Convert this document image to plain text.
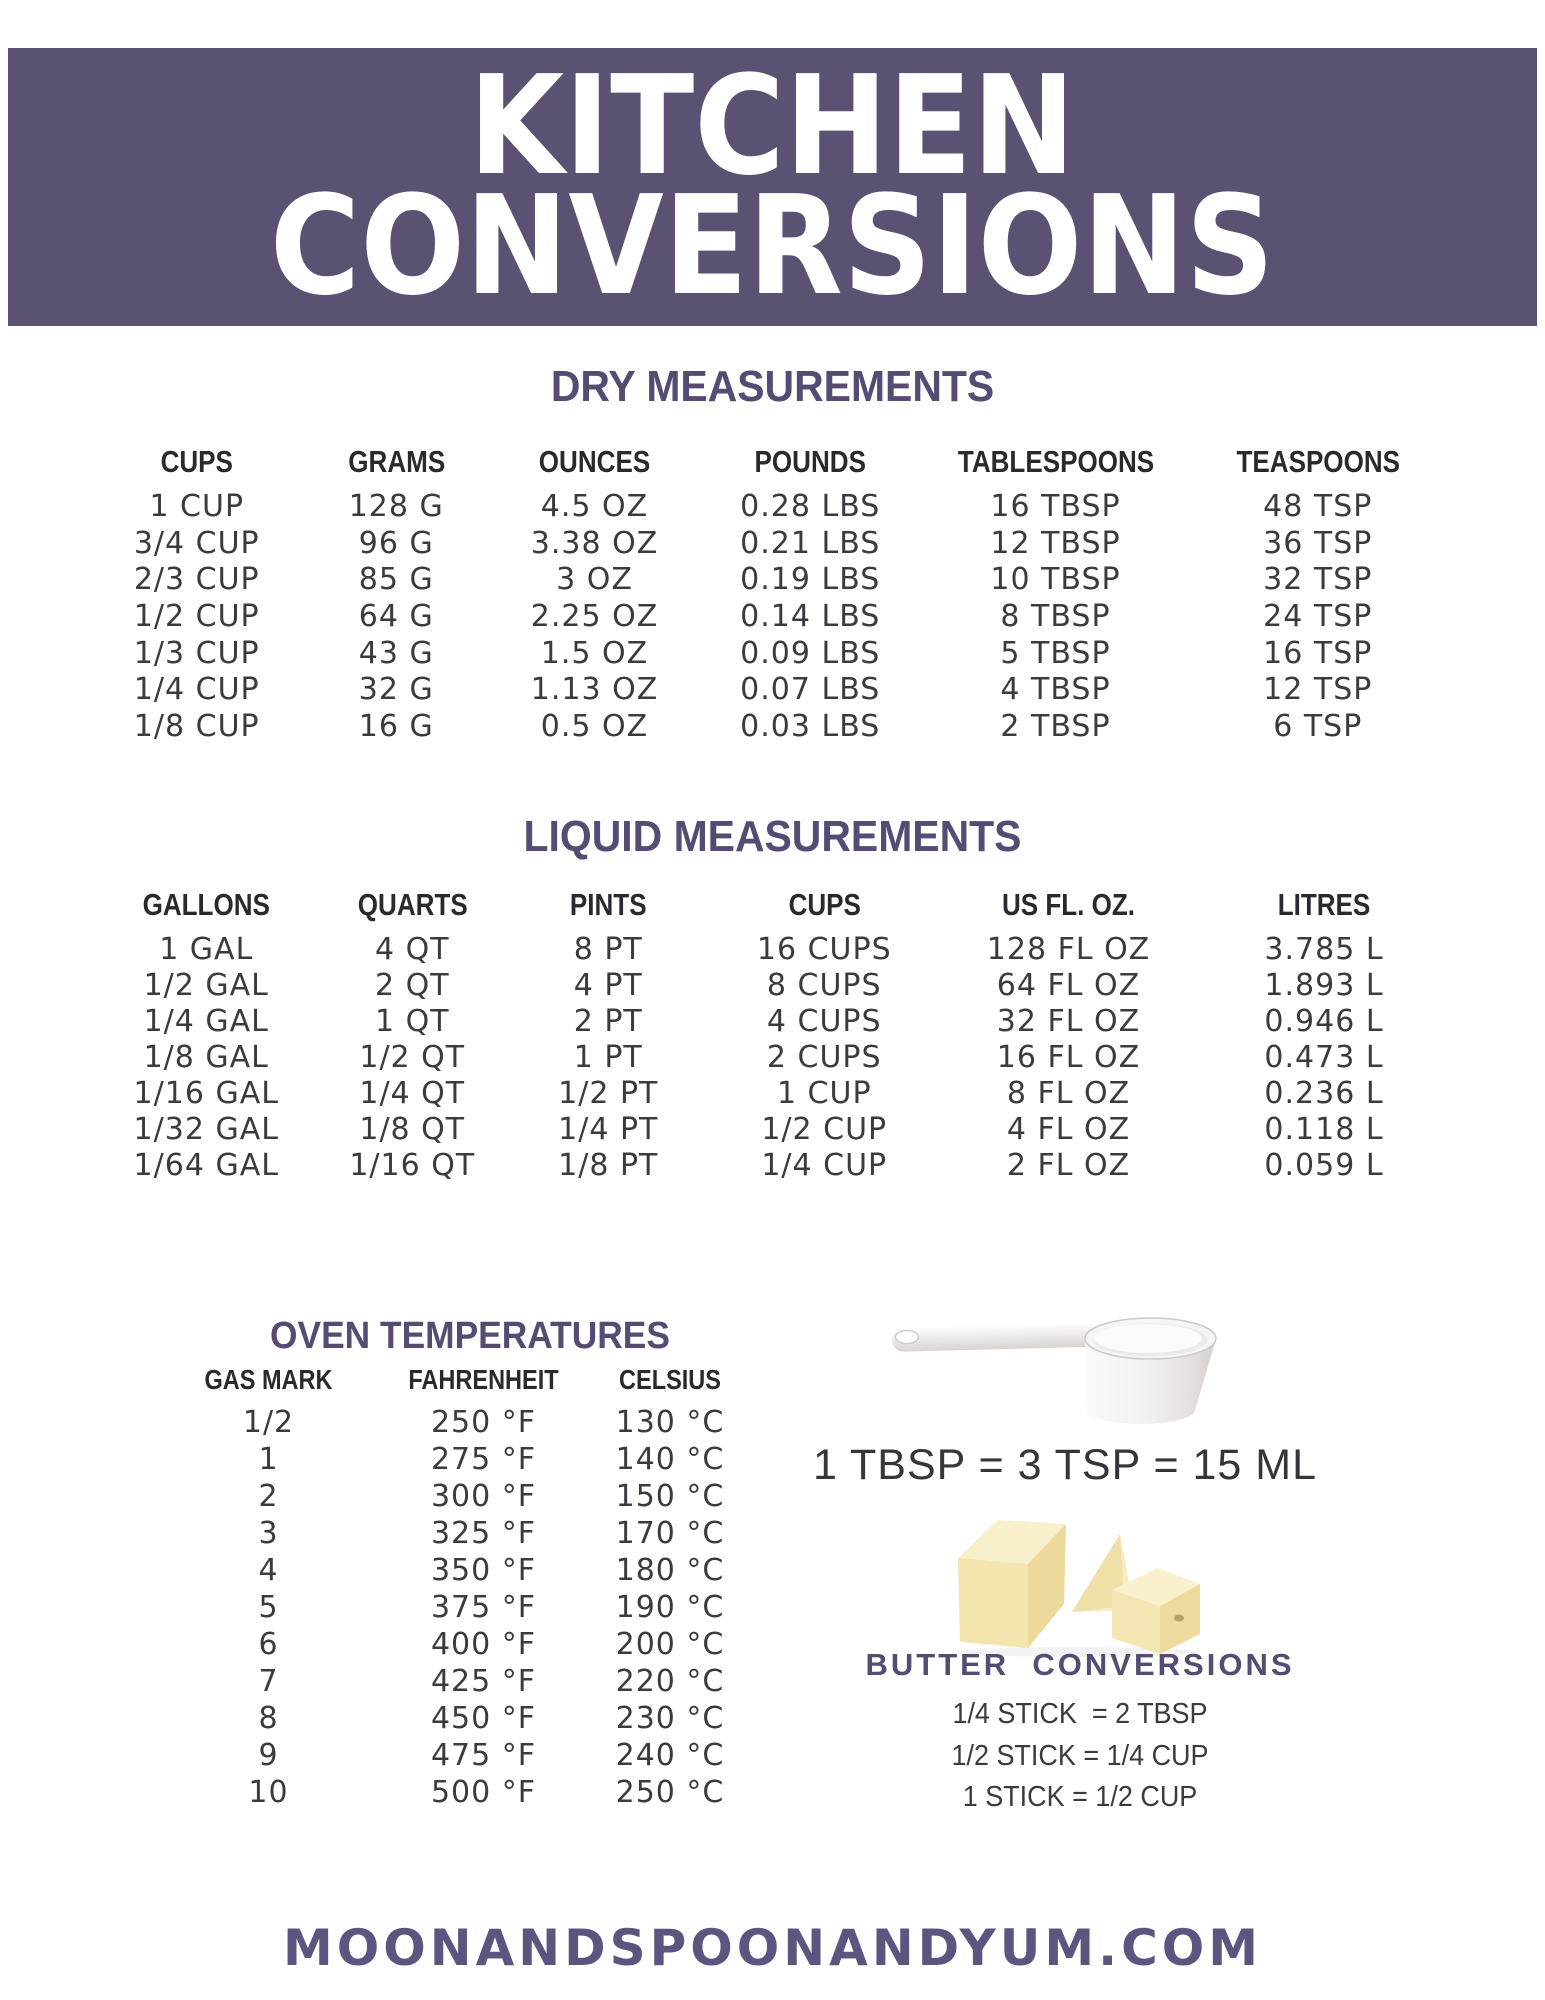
KITCHEN
CONVERSIONS
DRY MEASUREMENTS
CUPS	GRAMS	OUNCES	POUNDS	TABLESPOONS	TEASPOONS
1 CUP	128 G	4.5 OZ	0.28 LBS	16 TBSP	48 TSP
3/4 CUP	96 G	3.38 OZ	0.21 LBS	12 TBSP	36 TSP
2/3 CUP	85 G	3 OZ	0.19 LBS	10 TBSP	32 TSP
1/2 CUP	64 G	2.25 OZ	0.14 LBS	8 TBSP	24 TSP
1/3 CUP	43 G	1.5 OZ	0.09 LBS	5 TBSP	16 TSP
1/4 CUP	32 G	1.13 OZ	0.07 LBS	4 TBSP	12 TSP
1/8 CUP	16 G	0.5 OZ	0.03 LBS	2 TBSP	6 TSP
LIQUID MEASUREMENTS
GALLONS	QUARTS	PINTS	CUPS	US FL. OZ.	LITRES
1 GAL	4 QT	8 PT	16 CUPS	128 FL OZ	3.785 L
1/2 GAL	2 QT	4 PT	8 CUPS	64 FL OZ	1.893 L
1/4 GAL	1 QT	2 PT	4 CUPS	32 FL OZ	0.946 L
1/8 GAL	1/2 QT	1 PT	2 CUPS	16 FL OZ	0.473 L
1/16 GAL	1/4 QT	1/2 PT	1 CUP	8 FL OZ	0.236 L
1/32 GAL	1/8 QT	1/4 PT	1/2 CUP	4 FL OZ	0.118 L
1/64 GAL	1/16 QT	1/8 PT	1/4 CUP	2 FL OZ	0.059 L
OVEN TEMPERATURES
GAS MARK	FAHRENHEIT	CELSIUS
1/2	250 °F	130 °C
1	275 °F	140 °C
2	300 °F	150 °C
3	325 °F	170 °C
4	350 °F	180 °C
5	375 °F	190 °C
6	400 °F	200 °C
7	425 °F	220 °C
8	450 °F	230 °C
9	475 °F	240 °C
10	500 °F	250 °C
1 TBSP = 3 TSP = 15 ML
BUTTER  CONVERSIONS
1/4 STICK  = 2 TBSP
1/2 STICK = 1/4 CUP
1 STICK = 1/2 CUP
MOONANDSPOONANDYUM.COM
